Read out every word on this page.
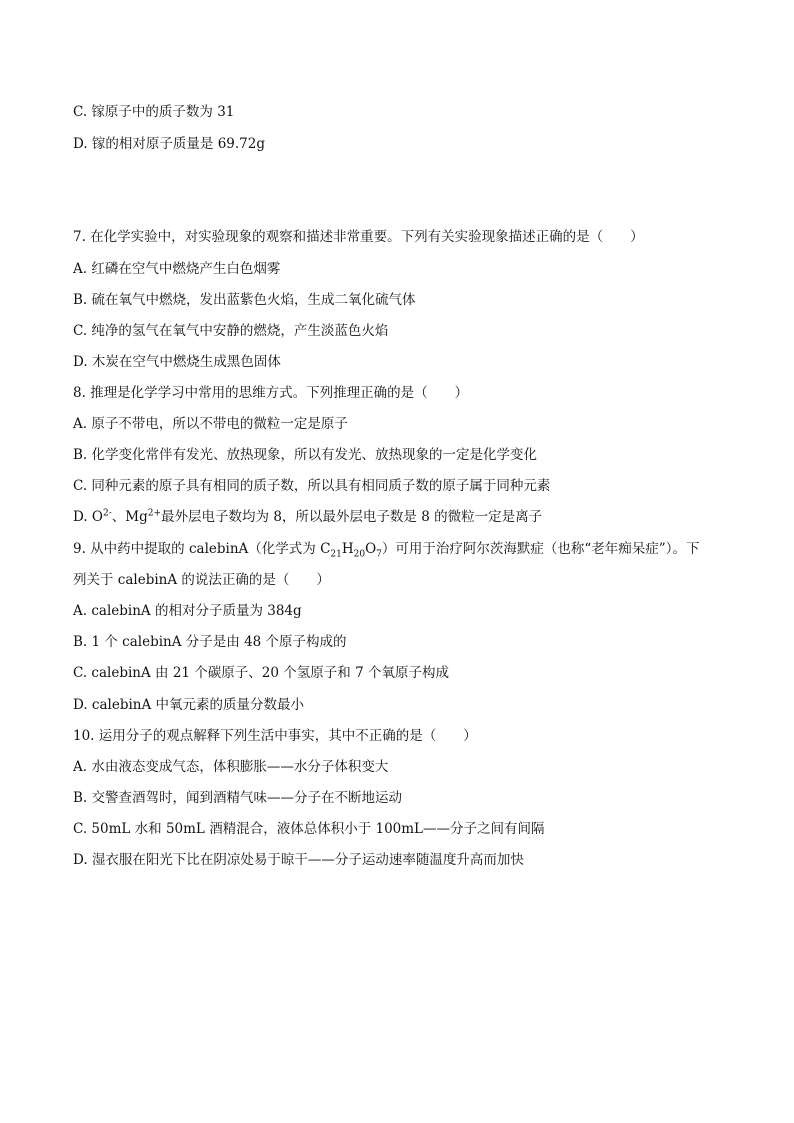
C. 镓原子中的质子数为 31
D. 镓的相对原子质量是 69.72g
7. 在化学实验中，对实验现象的观察和描述非常重要。下列有关实验现象描述正确的是（　　）
A. 红磷在空气中燃烧产生白色烟雾
B. 硫在氧气中燃烧，发出蓝紫色火焰，生成二氧化硫气体
C. 纯净的氢气在氧气中安静的燃烧，产生淡蓝色火焰
D. 木炭在空气中燃烧生成黑色固体
8. 推理是化学学习中常用的思维方式。下列推理正确的是（　　）
A. 原子不带电，所以不带电的微粒一定是原子
B. 化学变化常伴有发光、放热现象，所以有发光、放热现象的一定是化学变化
C. 同种元素的原子具有相同的质子数，所以具有相同质子数的原子属于同种元素
D. $O^{2-}$、$Mg^{2+}$最外层电子数均为 8，所以最外层电子数是 8 的微粒一定是离子
9. 从中药中提取的 calebinA（化学式为 $C_{21}H_{20}O_7$）可用于治疗阿尔茨海默症（也称“老年痴呆症”）。下
列关于 calebinA 的说法正确的是（　　）
A. calebinA 的相对分子质量为 384g
B. 1 个 calebinA 分子是由 48 个原子构成的
C. calebinA 由 21 个碳原子、20 个氢原子和 7 个氧原子构成
D. calebinA 中氧元素的质量分数最小
10. 运用分子的观点解释下列生活中事实，其中不正确的是（　　）
A. 水由液态变成气态，体积膨胀——水分子体积变大
B. 交警查酒驾时，闻到酒精气味——分子在不断地运动
C. 50mL 水和 50mL 酒精混合，液体总体积小于 100mL——分子之间有间隔
D. 湿衣服在阳光下比在阴凉处易于晾干——分子运动速率随温度升高而加快
